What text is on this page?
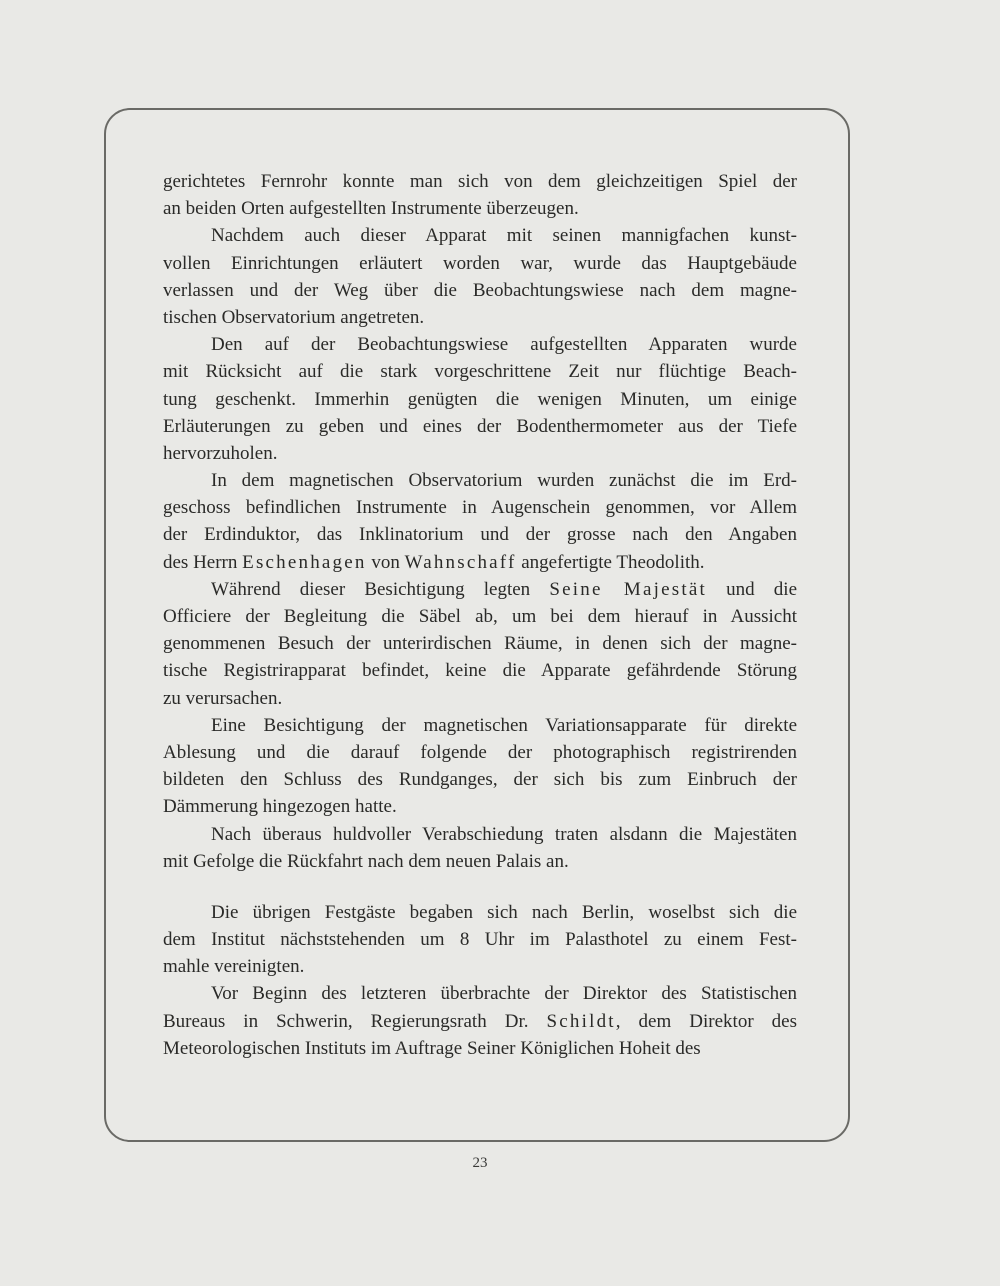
gerichtetes Fernrohr konnte man sich von dem gleichzeitigen Spiel der
an beiden Orten aufgestellten Instrumente überzeugen.
Nachdem auch dieser Apparat mit seinen mannigfachen kunst-
vollen Einrichtungen erläutert worden war, wurde das Hauptgebäude
verlassen und der Weg über die Beobachtungswiese nach dem magne-
tischen Observatorium angetreten.
Den auf der Beobachtungswiese aufgestellten Apparaten wurde
mit Rücksicht auf die stark vorgeschrittene Zeit nur flüchtige Beach-
tung geschenkt. Immerhin genügten die wenigen Minuten, um einige
Erläuterungen zu geben und eines der Bodenthermometer aus der Tiefe
hervorzuholen.
In dem magnetischen Observatorium wurden zunächst die im Erd-
geschoss befindlichen Instrumente in Augenschein genommen, vor Allem
der Erdinduktor, das Inklinatorium und der grosse nach den Angaben
des Herrn Eschenhagen von Wahnschaff angefertigte Theodolith.
Während dieser Besichtigung legten Seine Majestät und die
Officiere der Begleitung die Säbel ab, um bei dem hierauf in Aussicht
genommenen Besuch der unterirdischen Räume, in denen sich der magne-
tische Registrirapparat befindet, keine die Apparate gefährdende Störung
zu verursachen.
Eine Besichtigung der magnetischen Variationsapparate für direkte
Ablesung und die darauf folgende der photographisch registrirenden
bildeten den Schluss des Rundganges, der sich bis zum Einbruch der
Dämmerung hingezogen hatte.
Nach überaus huldvoller Verabschiedung traten alsdann die Majestäten
mit Gefolge die Rückfahrt nach dem neuen Palais an.
Die übrigen Festgäste begaben sich nach Berlin, woselbst sich die
dem Institut nächststehenden um 8 Uhr im Palasthotel zu einem Fest-
mahle vereinigten.
Vor Beginn des letzteren überbrachte der Direktor des Statistischen
Bureaus in Schwerin, Regierungsrath Dr. Schildt, dem Direktor des
Meteorologischen Instituts im Auftrage Seiner Königlichen Hoheit des
23
